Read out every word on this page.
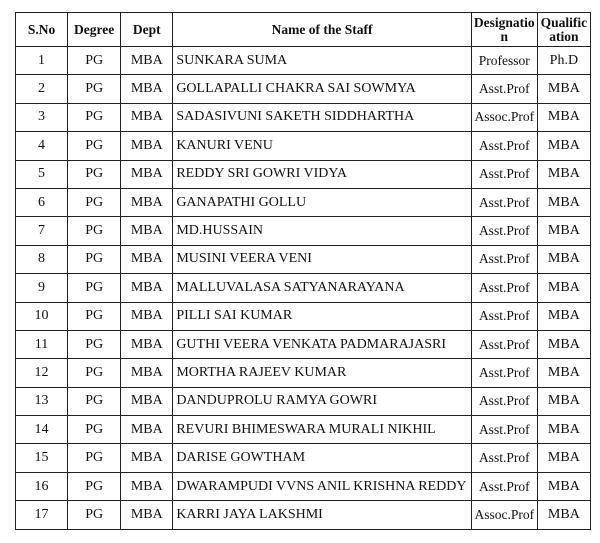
S.No	Degree	Dept	Name of the Staff	Designation	Qualification
1	PG	MBA	SUNKARA SUMA	Professor	Ph.D
2	PG	MBA	GOLLAPALLI CHAKRA SAI SOWMYA	Asst.Prof	MBA
3	PG	MBA	SADASIVUNI SAKETH SIDDHARTHA	Assoc.Prof	MBA
4	PG	MBA	KANURI VENU	Asst.Prof	MBA
5	PG	MBA	REDDY SRI GOWRI VIDYA	Asst.Prof	MBA
6	PG	MBA	GANAPATHI GOLLU	Asst.Prof	MBA
7	PG	MBA	MD.HUSSAIN	Asst.Prof	MBA
8	PG	MBA	MUSINI VEERA VENI	Asst.Prof	MBA
9	PG	MBA	MALLUVALASA SATYANARAYANA	Asst.Prof	MBA
10	PG	MBA	PILLI SAI KUMAR	Asst.Prof	MBA
11	PG	MBA	GUTHI VEERA VENKATA PADMARAJASRI	Asst.Prof	MBA
12	PG	MBA	MORTHA RAJEEV KUMAR	Asst.Prof	MBA
13	PG	MBA	DANDUPROLU RAMYA GOWRI	Asst.Prof	MBA
14	PG	MBA	REVURI BHIMESWARA MURALI NIKHIL	Asst.Prof	MBA
15	PG	MBA	DARISE GOWTHAM	Asst.Prof	MBA
16	PG	MBA	DWARAMPUDI VVNS ANIL KRISHNA REDDY	Asst.Prof	MBA
17	PG	MBA	KARRI JAYA LAKSHMI	Assoc.Prof	MBA
